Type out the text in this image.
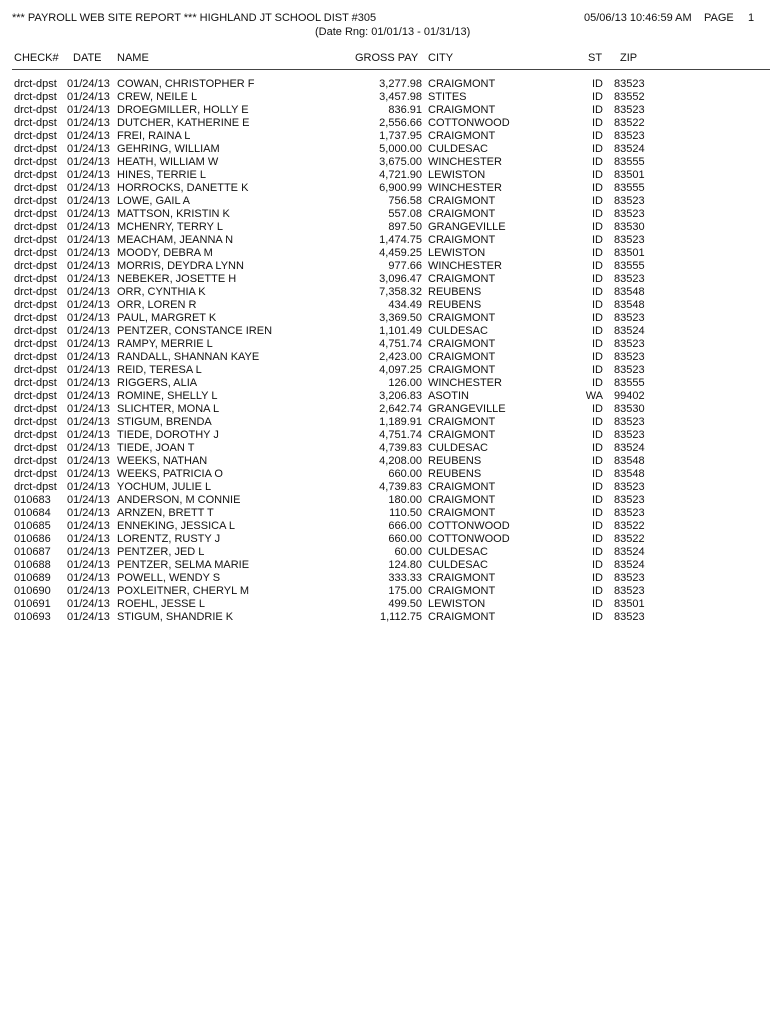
*** PAYROLL WEB SITE REPORT *** HIGHLAND JT SCHOOL DIST #305
(Date Rng: 01/01/13 - 01/31/13)
05/06/13 10:46:59 AM PAGE 1
CHECK# DATE NAME	GROSS PAY CITY	ST ZIP
drct-dpst 01/24/13 COWAN, CHRISTOPHER F	3,277.98 CRAIGMONT	ID 83523
drct-dpst 01/24/13 CREW, NEILE L	3,457.98 STITES	ID 83552
drct-dpst 01/24/13 DROEGMILLER, HOLLY E	836.91 CRAIGMONT	ID 83523
drct-dpst 01/24/13 DUTCHER, KATHERINE E	2,556.66 COTTONWOOD	ID 83522
drct-dpst 01/24/13 FREI, RAINA L	1,737.95 CRAIGMONT	ID 83523
drct-dpst 01/24/13 GEHRING, WILLIAM	5,000.00 CULDESAC	ID 83524
drct-dpst 01/24/13 HEATH, WILLIAM W	3,675.00 WINCHESTER	ID 83555
drct-dpst 01/24/13 HINES, TERRIE L	4,721.90 LEWISTON	ID 83501
drct-dpst 01/24/13 HORROCKS, DANETTE K	6,900.99 WINCHESTER	ID 83555
drct-dpst 01/24/13 LOWE, GAIL A	756.58 CRAIGMONT	ID 83523
drct-dpst 01/24/13 MATTSON, KRISTIN K	557.08 CRAIGMONT	ID 83523
drct-dpst 01/24/13 MCHENRY, TERRY L	897.50 GRANGEVILLE	ID 83530
drct-dpst 01/24/13 MEACHAM, JEANNA N	1,474.75 CRAIGMONT	ID 83523
drct-dpst 01/24/13 MOODY, DEBRA M	4,459.25 LEWISTON	ID 83501
drct-dpst 01/24/13 MORRIS, DEYDRA LYNN	977.66 WINCHESTER	ID 83555
drct-dpst 01/24/13 NEBEKER, JOSETTE H	3,096.47 CRAIGMONT	ID 83523
drct-dpst 01/24/13 ORR, CYNTHIA K	7,358.32 REUBENS	ID 83548
drct-dpst 01/24/13 ORR, LOREN R	434.49 REUBENS	ID 83548
drct-dpst 01/24/13 PAUL, MARGRET K	3,369.50 CRAIGMONT	ID 83523
drct-dpst 01/24/13 PENTZER, CONSTANCE IREN	1,101.49 CULDESAC	ID 83524
drct-dpst 01/24/13 RAMPY, MERRIE L	4,751.74 CRAIGMONT	ID 83523
drct-dpst 01/24/13 RANDALL, SHANNAN KAYE	2,423.00 CRAIGMONT	ID 83523
drct-dpst 01/24/13 REID, TERESA L	4,097.25 CRAIGMONT	ID 83523
drct-dpst 01/24/13 RIGGERS, ALIA	126.00 WINCHESTER	ID 83555
drct-dpst 01/24/13 ROMINE, SHELLY L	3,206.83 ASOTIN	WA 99402
drct-dpst 01/24/13 SLICHTER, MONA L	2,642.74 GRANGEVILLE	ID 83530
drct-dpst 01/24/13 STIGUM, BRENDA	1,189.91 CRAIGMONT	ID 83523
drct-dpst 01/24/13 TIEDE, DOROTHY J	4,751.74 CRAIGMONT	ID 83523
drct-dpst 01/24/13 TIEDE, JOAN T	4,739.83 CULDESAC	ID 83524
drct-dpst 01/24/13 WEEKS, NATHAN	4,208.00 REUBENS	ID 83548
drct-dpst 01/24/13 WEEKS, PATRICIA O	660.00 REUBENS	ID 83548
drct-dpst 01/24/13 YOCHUM, JULIE L	4,739.83 CRAIGMONT	ID 83523
010683 01/24/13 ANDERSON, M CONNIE	180.00 CRAIGMONT	ID 83523
010684 01/24/13 ARNZEN, BRETT T	110.50 CRAIGMONT	ID 83523
010685 01/24/13 ENNEKING, JESSICA L	666.00 COTTONWOOD	ID 83522
010686 01/24/13 LORENTZ, RUSTY J	660.00 COTTONWOOD	ID 83522
010687 01/24/13 PENTZER, JED L	60.00 CULDESAC	ID 83524
010688 01/24/13 PENTZER, SELMA MARIE	124.80 CULDESAC	ID 83524
010689 01/24/13 POWELL, WENDY S	333.33 CRAIGMONT	ID 83523
010690 01/24/13 POXLEITNER, CHERYL M	175.00 CRAIGMONT	ID 83523
010691 01/24/13 ROEHL, JESSE L	499.50 LEWISTON	ID 83501
010693 01/24/13 STIGUM, SHANDRIE K	1,112.75 CRAIGMONT	ID 83523
